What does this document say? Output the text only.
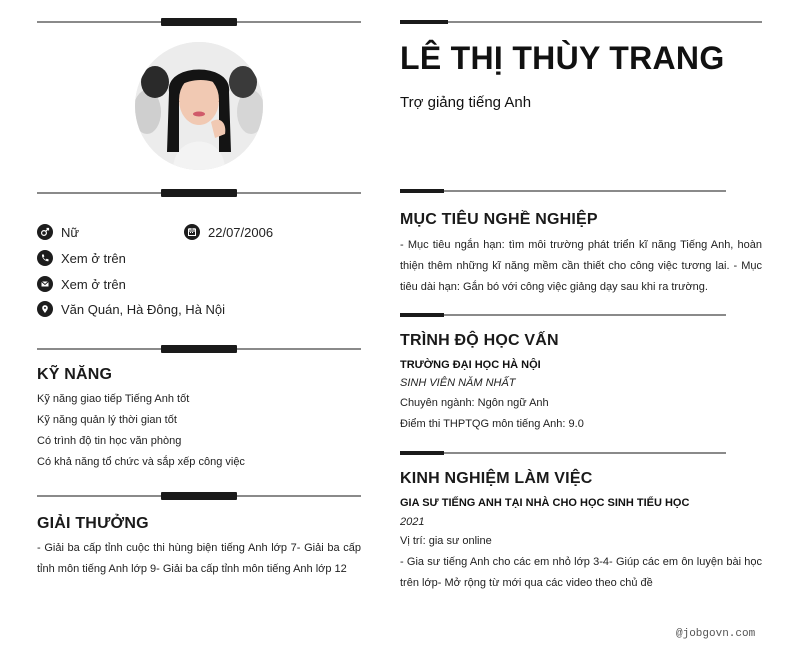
Nữ	22/07/2006
Xem ở trên
Xem ở trên
Văn Quán, Hà Đông, Hà Nội
KỸ NĂNG
Kỹ năng giao tiếp Tiếng Anh tốt
Kỹ năng quản lý thời gian tốt
Có trình độ tin học văn phòng
Có khả năng tổ chức và sắp xếp công việc
GIẢI THƯỞNG
- Giải ba cấp tỉnh cuộc thi hùng biện tiếng Anh lớp 7- Giải ba cấp tỉnh môn tiếng Anh lớp 9- Giải ba cấp tỉnh môn tiếng Anh lớp 12
LÊ THỊ THÙY TRANG
Trợ giảng tiếng Anh
MỤC TIÊU NGHỀ NGHIỆP
- Mục tiêu ngắn hạn: tìm môi trường phát triển kĩ năng Tiếng Anh, hoàn thiện thêm những kĩ năng mềm cần thiết cho công việc tương lai. - Mục tiêu dài hạn: Gắn bó với công việc giảng dạy sau khi ra trường.
TRÌNH ĐỘ HỌC VẤN
TRƯỜNG ĐẠI HỌC HÀ NỘI
SINH VIÊN NĂM NHẤT
Chuyên ngành: Ngôn ngữ Anh
Điểm thi THPTQG môn tiếng Anh: 9.0
KINH NGHIỆM LÀM VIỆC
GIA SƯ TIẾNG ANH TẠI NHÀ CHO HỌC SINH TIỂU HỌC
2021
Vị trí: gia sư online
- Gia sư tiếng Anh cho các em nhỏ lớp 3-4- Giúp các em ôn luyện bài học trên lớp- Mở rộng từ mới qua các video theo chủ đề
@jobgovn.com
